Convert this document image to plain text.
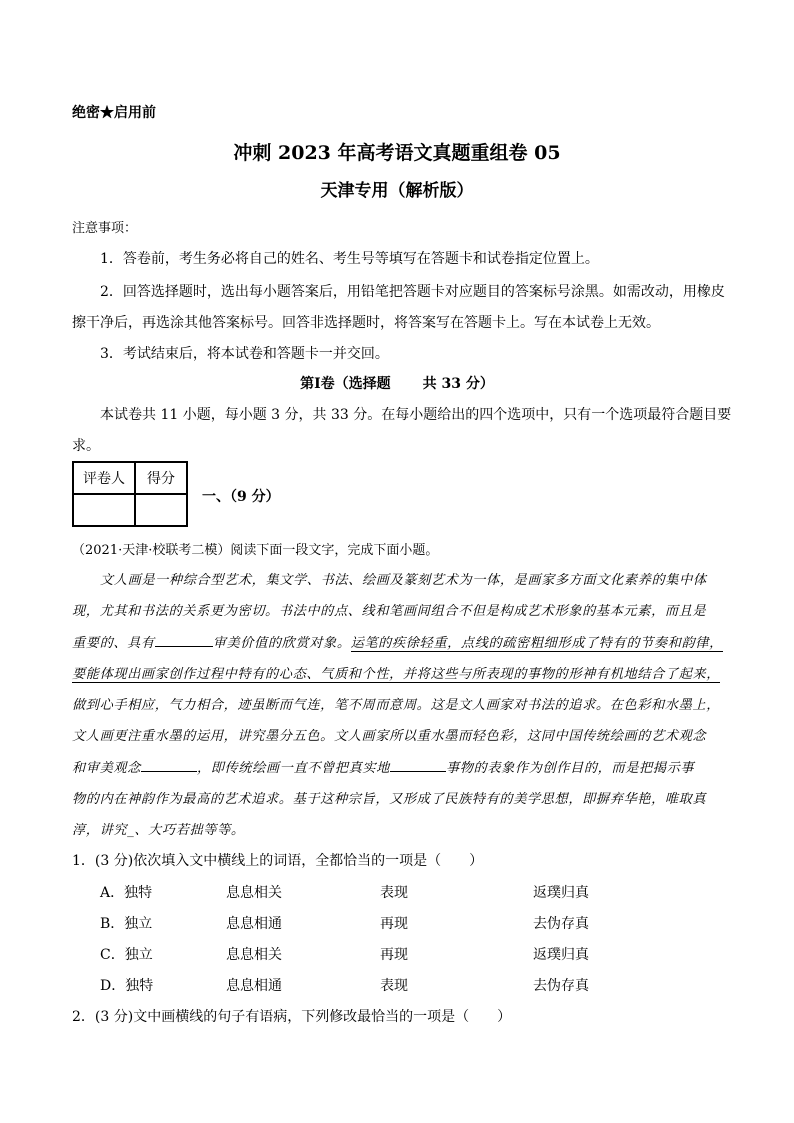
绝密★启用前
冲刺 2023 年高考语文真题重组卷 05
天津专用（解析版）
注意事项：
1．答卷前，考生务必将自己的姓名、考生号等填写在答题卡和试卷指定位置上。
2．回答选择题时，选出每小题答案后，用铅笔把答题卡对应题目的答案标号涂黑。如需改动，用橡皮
擦干净后，再选涂其他答案标号。回答非选择题时，将答案写在答题卡上。写在本试卷上无效。
3．考试结束后，将本试卷和答题卡一并交回。
第Ⅰ卷（选择题 共 33 分）
本试卷共 11 小题，每小题 3 分，共 33 分。在每小题给出的四个选项中，只有一个选项最符合题目要
求。
评卷人	得分

一、（9 分）
（2021·天津·校联考二模）阅读下面一段文字，完成下面小题。
文人画是一种综合型艺术，集文学、书法、绘画及篆刻艺术为一体，是画家多方面文化素养的集中体
现，尤其和书法的关系更为密切。书法中的点、线和笔画间组合不但是构成艺术形象的基本元素，而且是
重要的、具有	审美价值的欣赏对象。运笔的疾徐轻重，点线的疏密粗细形成了特有的节奏和韵律，
要能体现出画家创作过程中特有的心态、气质和个性，并将这些与所表现的事物的形神有机地结合了起来，
做到心手相应，气力相合，迹虽断而气连，笔不周而意周。这是文人画家对书法的追求。在色彩和水墨上，
文人画更注重水墨的运用，讲究墨分五色。文人画家所以重水墨而轻色彩，这同中国传统绘画的艺术观念
和审美观念	，即传统绘画一直不曾把真实地	事物的表象作为创作目的，而是把揭示事
物的内在神韵作为最高的艺术追求。基于这种宗旨，又形成了民族特有的美学思想，即摒弃华艳，唯取真
淳，讲究_、大巧若拙等等。
1．(3 分)依次填入文中横线上的词语，全都恰当的一项是（　　）
A．独特	息息相关	表现	返璞归真
B．独立	息息相通	再现	去伪存真
C．独立	息息相关	再现	返璞归真
D．独特	息息相通	表现	去伪存真
2．(3 分)文中画横线的句子有语病，下列修改最恰当的一项是（　　）
